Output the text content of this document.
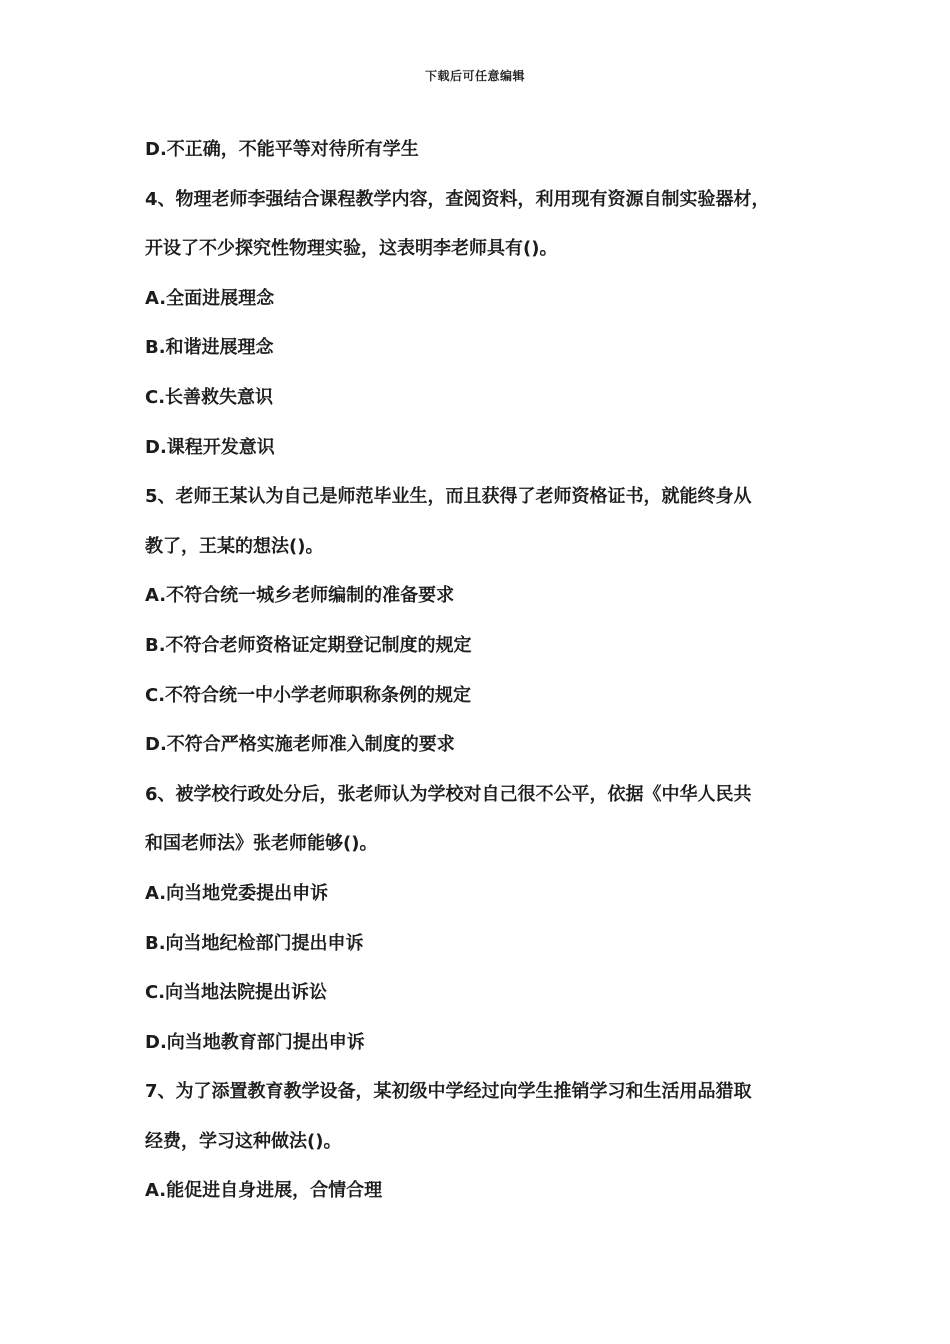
下载后可任意编辑
D.不正确，不能平等对待所有学生
4、物理老师李强结合课程教学内容，查阅资料，利用现有资源自制实验器材，
开设了不少探究性物理实验，这表明李老师具有()。
A.全面进展理念
B.和谐进展理念
C.长善救失意识
D.课程开发意识
5、老师王某认为自己是师范毕业生，而且获得了老师资格证书，就能终身从
教了，王某的想法()。
A.不符合统一城乡老师编制的准备要求
B.不符合老师资格证定期登记制度的规定
C.不符合统一中小学老师职称条例的规定
D.不符合严格实施老师准入制度的要求
6、被学校行政处分后，张老师认为学校对自己很不公平，依据《中华人民共
和国老师法》张老师能够()。
A.向当地党委提出申诉
B.向当地纪检部门提出申诉
C.向当地法院提出诉讼
D.向当地教育部门提出申诉
7、为了添置教育教学设备，某初级中学经过向学生推销学习和生活用品猎取
经费，学习这种做法()。
A.能促进自身进展，合情合理
